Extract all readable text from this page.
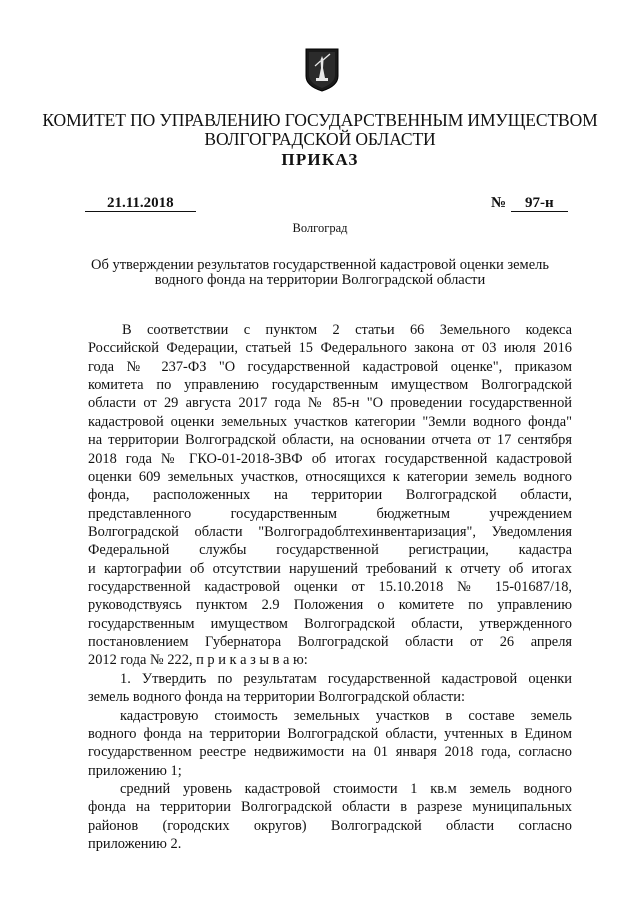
КОМИТЕТ ПО УПРАВЛЕНИЮ ГОСУДАРСТВЕННЫМ ИМУЩЕСТВОМ
ВОЛГОГРАДСКОЙ ОБЛАСТИ
ПРИКАЗ
21.11.2018	№	97-н
Волгоград
Об утверждении результатов государственной кадастровой оценки земель водного фонда на территории Волгоградской области
В соответствии с пунктом 2 статьи 66 Земельного кодекса
Российской Федерации, статьей 15 Федерального закона от 03 июля 2016
года № 237-ФЗ "О государственной кадастровой оценке", приказом
комитета по управлению государственным имуществом Волгоградской
области от 29 августа 2017 года № 85-н "О проведении государственной
кадастровой оценки земельных участков категории "Земли водного фонда"
на территории Волгоградской области, на основании отчета от 17 сентября
2018 года № ГКО-01-2018-ЗВФ об итогах государственной кадастровой
оценки 609 земельных участков, относящихся к категории земель водного
фонда, расположенных на территории Волгоградской области,
представленного государственным бюджетным учреждением
Волгоградской области "Волгоградоблтехинвентаризация", Уведомления
Федеральной службы государственной регистрации, кадастра
и картографии об отсутствии нарушений требований к отчету об итогах
государственной кадастровой оценки от 15.10.2018 № 15-01687/18,
руководствуясь пунктом 2.9 Положения о комитете по управлению
государственным имуществом Волгоградской области, утвержденного
постановлением Губернатора Волгоградской области от 26 апреля
2012 года № 222, п р и к а з ы в а ю:
1. Утвердить по результатам государственной кадастровой оценки
земель водного фонда на территории Волгоградской области:
кадастровую стоимость земельных участков в составе земель
водного фонда на территории Волгоградской области, учтенных в Едином
государственном реестре недвижимости на 01 января 2018 года, согласно
приложению 1;
средний уровень кадастровой стоимости 1 кв.м земель водного
фонда на территории Волгоградской области в разрезе муниципальных
районов (городских округов) Волгоградской области согласно
приложению 2.
